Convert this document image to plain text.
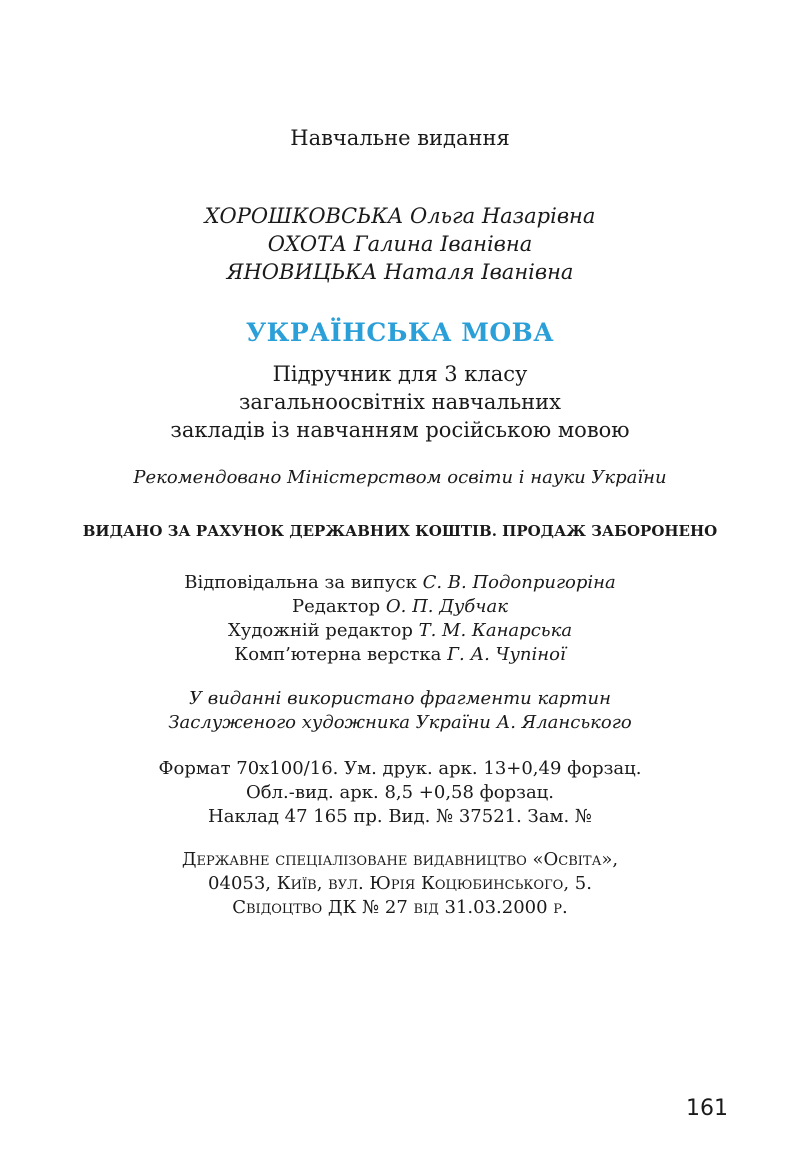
Навчальне видання
ХОРОШКОВСЬКА Ольга Назарівна
ОХОТА Галина Іванівна
ЯНОВИЦЬКА Наталя Іванівна
УКРАЇНСЬКА МОВА
Підручник для 3 класу
загальноосвітніх навчальних
закладів із навчанням російською мовою
Рекомендовано Міністерством освіти і науки України
ВИДАНО ЗА РАХУНОК ДЕРЖАВНИХ КОШТІВ. ПРОДАЖ ЗАБОРОНЕНО
Відповідальна за випуск С. В. Подопригоріна
Редактор О. П. Дубчак
Художній редактор Т. М. Канарська
Комп’ютерна верстка Г. А. Чупіної
У виданні використано фрагменти картин
Заслуженого художника України А. Яланського
Формат 70x100/16. Ум. друк. арк. 13+0,49 форзац.
Обл.-вид. арк. 8,5 +0,58 форзац.
Наклад 47 165 пр. Вид. № 37521. Зам. №
Державне спеціалізоване видавництво «Освіта»,
04053, Київ, вул. Юрія Коцюбинського, 5.
Свідоцтво ДК № 27 від 31.03.2000 р.
161
